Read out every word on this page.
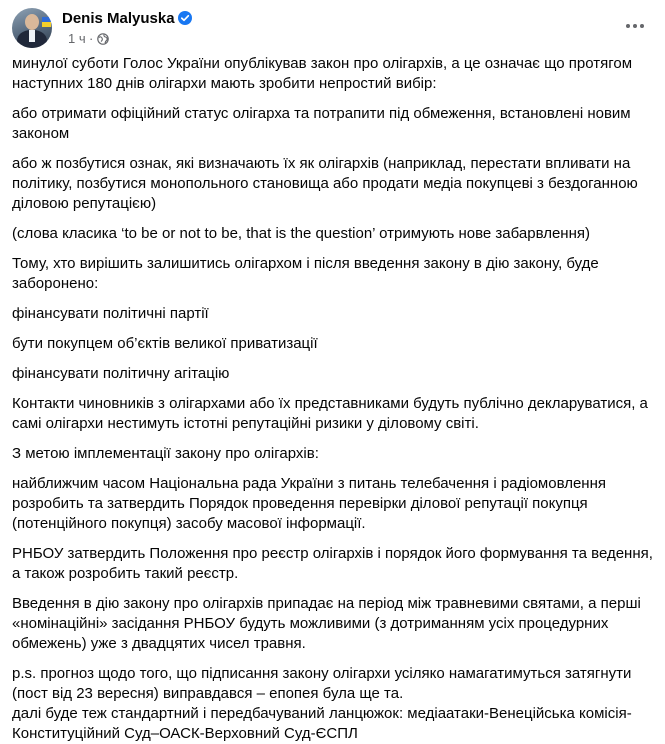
Denis Malyuska
1 ч ·

минулої суботи Голос України опублікував закон про олігархів, а це означає що протягом наступних 180 днів олігархи мають зробити непростий вибір:

або отримати офіційний статус олігарха та потрапити під обмеження, встановлені новим законом

або ж позбутися ознак, які визначають їх як олігархів (наприклад, перестати впливати на політику, позбутися монопольного становища або продати медіа покупцеві з бездоганною діловою репутацією)

(слова класика ‘to be or not to be, that is the question’ отримують нове забарвлення)

Тому, хто вирішить залишитись олігархом і після введення закону в дію закону, буде заборонено:

фінансувати політичні партії

бути покупцем об’єктів великої приватизації

фінансувати політичну агітацію

Контакти чиновників з олігархами або їх представниками будуть публічно декларуватися, а самі олігархи нестимуть істотні репутаційні ризики у діловому світі.

З метою імплементації закону про олігархів:

найближчим часом Національна рада України з питань телебачення і радіомовлення розробить та затвердить Порядок проведення перевірки ділової репутації покупця (потенційного покупця) засобу масової інформації.

РНБОУ затвердить Положення про реєстр олігархів і порядок його формування та ведення, а також розробить такий реєстр.

Введення в дію закону про олігархів припадає на період між травневими святами, а перші «номінаційні» засідання РНБОУ будуть можливими (з дотриманням усіх процедурних обмежень) уже з двадцятих чисел травня.

p.s. прогноз щодо того, що підписання закону олігархи усіляко намагатимуться затягнути (пост від 23 вересня) виправдався – епопея була ще та.
далі буде теж стандартний і передбачуваний ланцюжок: медіаатаки-Венеційська комісія-Конституційний Суд–ОАСК-Верховний Суд-ЄСПЛ
